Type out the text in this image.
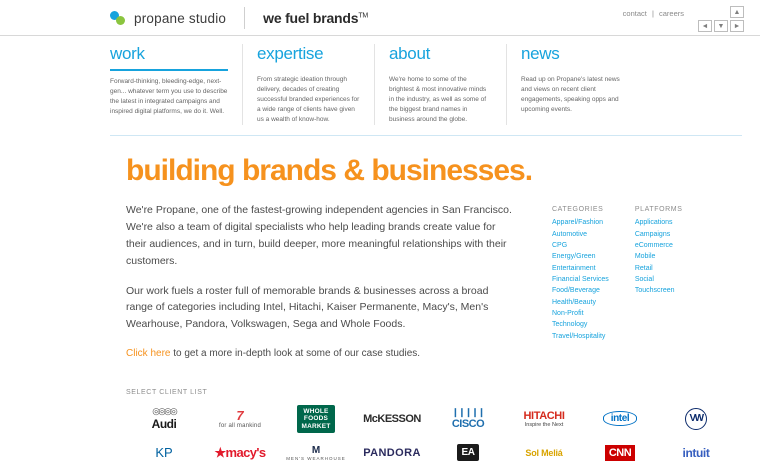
propane studio	we fuel brands™	contact | careers	▲
◄	▼	►
work
Forward-thinking, bleeding-edge, next-gen... whatever term you use to describe the latest in integrated campaigns and inspired digital platforms, we do it. Well.
expertise
From strategic ideation through delivery, decades of creating successful branded experiences for a wide range of clients have given us a wealth of know-how.
about
We're home to some of the brightest & most innovative minds in the industry, as well as some of the biggest brand names in business around the globe.
news
Read up on Propane's latest news and views on recent client engagements, speaking opps and upcoming events.
building brands & businesses.

We're Propane, one of the fastest-growing independent agencies in San Francisco. We're also a team of digital specialists who help leading brands create value for their audiences, and in turn, build deeper, more meaningful relationships with their customers.

Our work fuels a roster full of memorable brands & businesses across a broad range of categories including Intel, Hitachi, Kaiser Permanente, Macy's, Men's Wearhouse, Pandora, Volkswagen, Sega and Whole Foods.

Click here to get a more in-depth look at some of our case studies.

CATEGORIES
Apparel/Fashion
Automotive
CPG
Energy/Green
Entertainment
Financial Services
Food/Beverage
Health/Beauty
Non-Profit
Technology
Travel/Hospitality
PLATFORMS
Applications
Campaigns
eCommerce
Mobile
Retail
Social
Touchscreen
SELECT CLIENT LIST
◎◎◎◎
Audi
7
for all mankind
WHOLE
FOODS
MARKET
McKESSON
❙❙❙❙❙
CISCO
HITACHI
Inspire the Next
intel	VW
KP	★macy's	M
MEN'S WEARHOUSE PANDORA	EA	Sol Meliá	CNN	intuit
